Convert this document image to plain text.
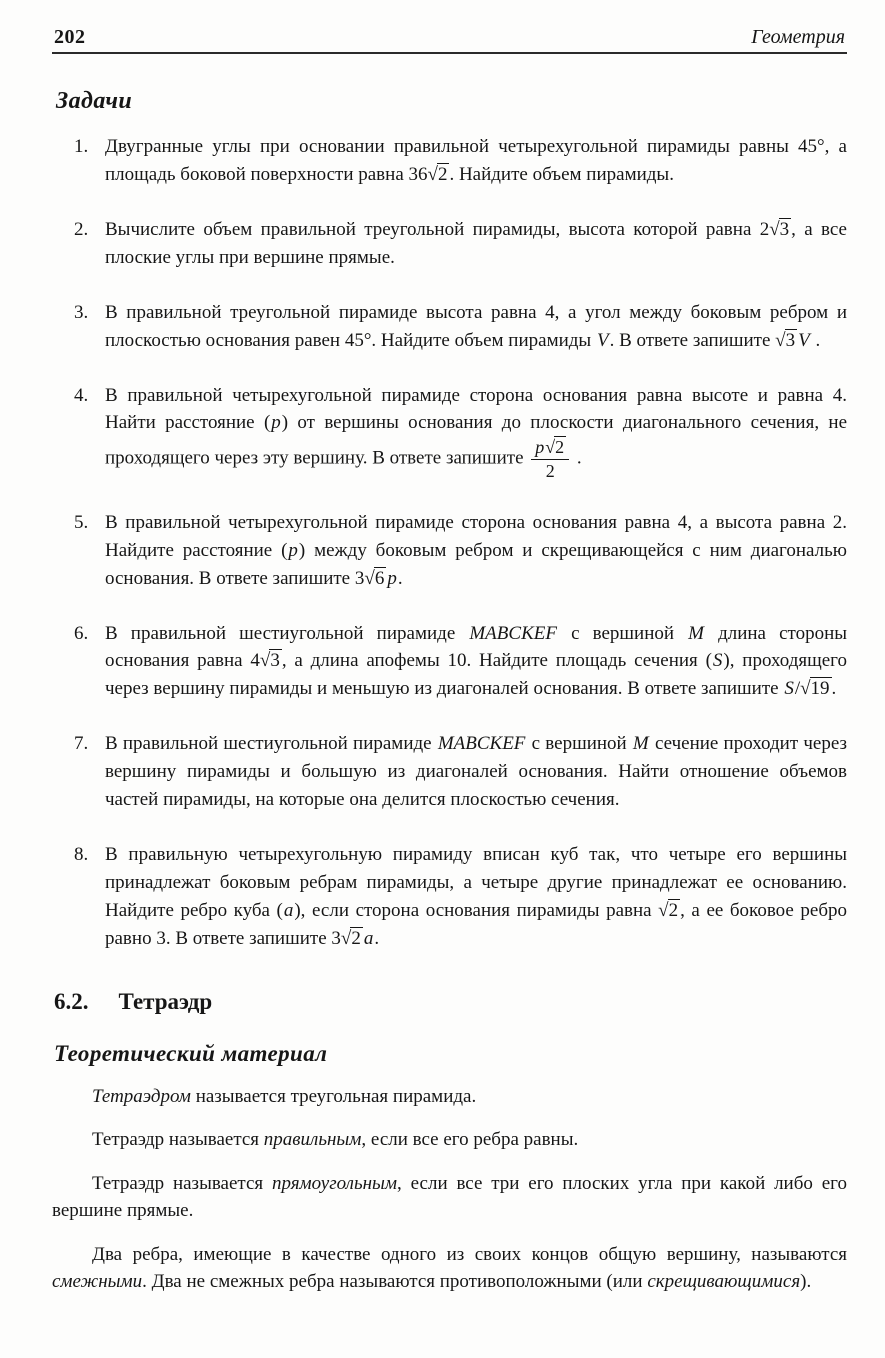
202	Геометрия
Задачи
1. Двугранные углы при основании правильной четырехугольной пирамиды равны 45°, а площадь боковой поверхности равна 36√2 . Найдите объем пирамиды.
2. Вычислите объем правильной треугольной пирамиды, высота которой равна 2√3 , а все плоские углы при вершине прямые.
3. В правильной треугольной пирамиде высота равна 4, а угол между боковым ребром и плоскостью основания равен 45°. Найдите объем пирамиды V. В ответе запишите √3 V .
4. В правильной четырехугольной пирамиде сторона основания равна высоте и равна 4. Найти расстояние (p) от вершины основания до плоскости диагонального сечения, не проходящего через эту вершину. В ответе запишите $\frac{p√2}{2}$ .
5. В правильной четырехугольной пирамиде сторона основания равна 4, а высота равна 2. Найдите расстояние (p) между боковым ребром и скрещивающейся с ним диагональю основания. В ответе запишите 3√6 p.
6. В правильной шестиугольной пирамиде MABCKEF с вершиной M длина стороны основания равна 4√3 , а длина апофемы 10. Найдите площадь сечения (S), проходящего через вершину пирамиды и меньшую из диагоналей основания. В ответе запишите S/√19 .
7. В правильной шестиугольной пирамиде MABCKEF с вершиной M сечение проходит через вершину пирамиды и большую из диагоналей основания. Найти отношение объемов частей пирамиды, на которые она делится плоскостью сечения.
8. В правильную четырехугольную пирамиду вписан куб так, что четыре его вершины принадлежат боковым ребрам пирамиды, а четыре другие принадлежат ее основанию. Найдите ребро куба (a), если сторона основания пирамиды равна √2 , а ее боковое ребро равно 3. В ответе запишите 3√2 a.
6.2. Тетраэдр
Теоретический материал

Тетраэдром называется треугольная пирамида.

Тетраэдр называется правильным, если все его ребра равны.

Тетраэдр называется прямоугольным, если все три его плоских угла при какой либо его вершине прямые.

Два ребра, имеющие в качестве одного из своих концов общую вершину, называются смежными. Два не смежных ребра называются противоположными (или скрещивающимися).
